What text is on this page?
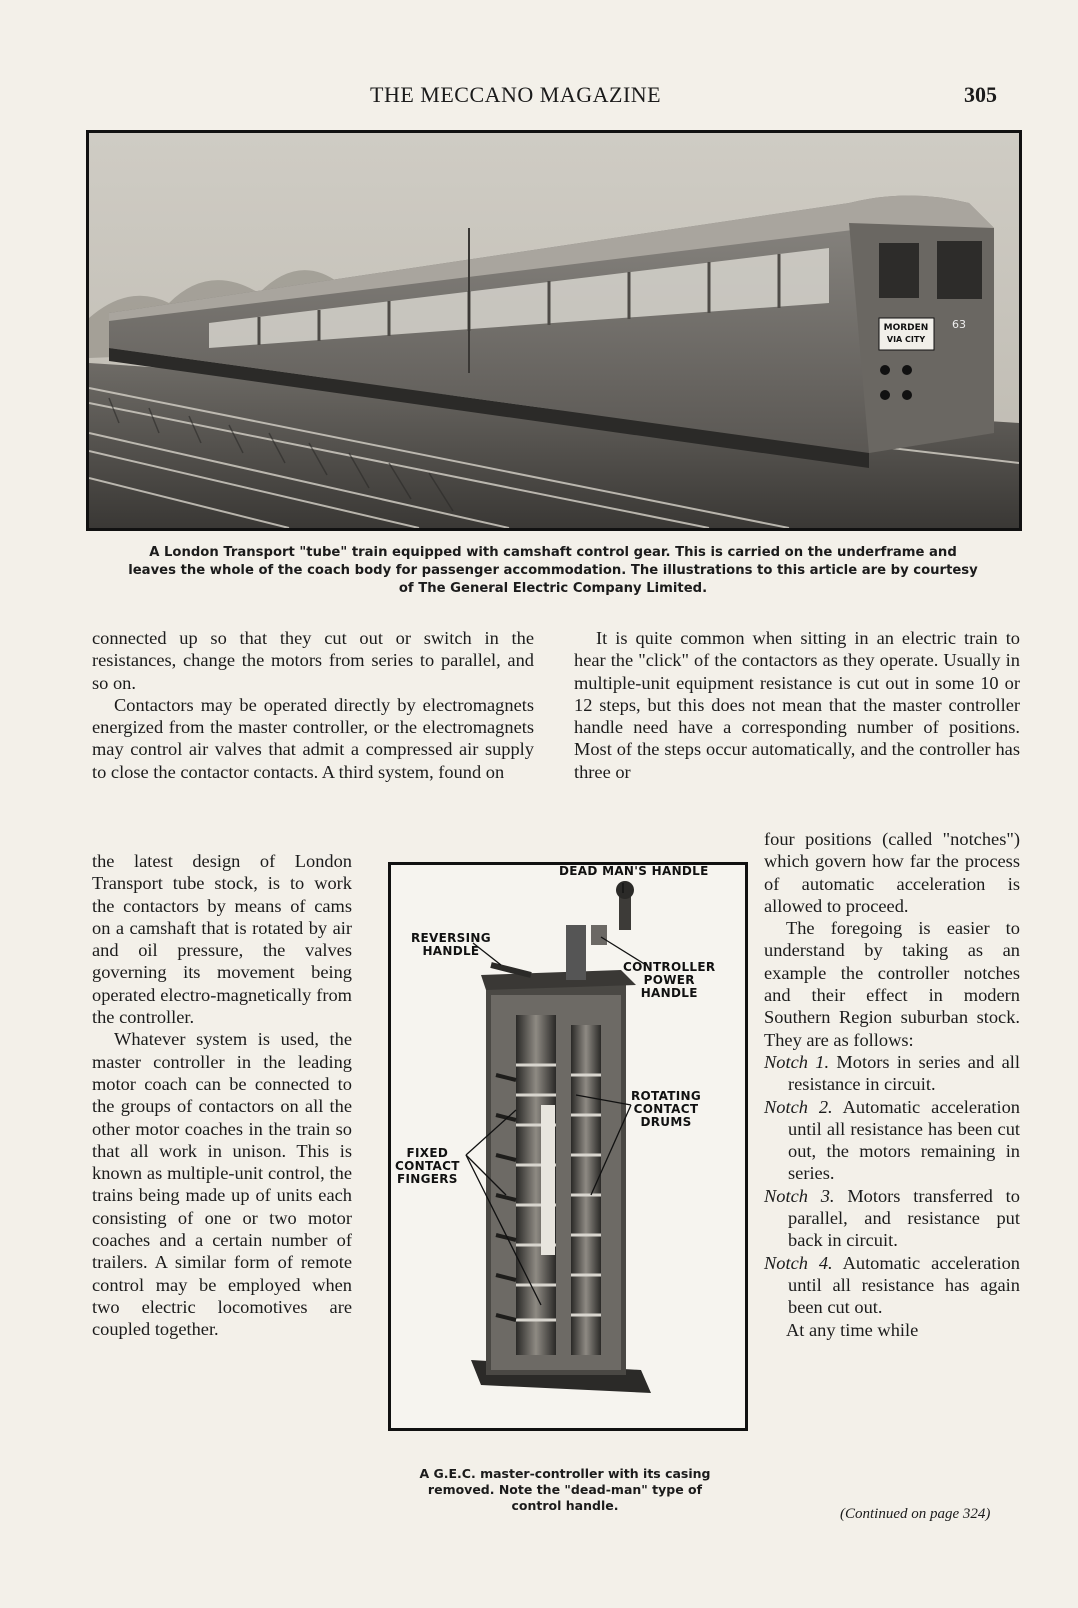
THE MECCANO MAGAZINE	305
MORDEN
VIA CITY
63
A London Transport "tube" train equipped with camshaft control gear. This is carried on the underframe and
leaves the whole of the coach body for passenger accommodation. The illustrations to this article are by courtesy
of The General Electric Company Limited.

connected up so that they cut out or switch in the resistances, change the motors from series to parallel, and so on.

Contactors may be operated directly by electromagnets energized from the master controller, or the electromagnets may control air valves that admit a compressed air supply to close the contactor contacts. A third system, found on

the latest design of London Transport tube stock, is to work the contactors by means of cams on a camshaft that is rotated by air and oil pressure, the valves governing its movement being operated electro-magnetically from the controller.

Whatever system is used, the master controller in the leading motor coach can be connected to the groups of contactors on all the other motor coaches in the train so that all work in unison. This is known as multiple-unit control, the trains being made up of units each consisting of one or two motor coaches and a certain number of trailers. A similar form of remote control may be employed when two electric locomotives are coupled together.

It is quite common when sitting in an electric train to hear the "click" of the contactors as they operate. Usually in multiple-unit equipment resistance is cut out in some 10 or 12 steps, but this does not mean that the master controller handle need have a corresponding number of positions. Most of the steps occur automatically, and the controller has three or

four positions (called "notches") which govern how far the process of automatic acceleration is allowed to proceed.

The foregoing is easier to understand by taking as an example the controller notches and their effect in modern Southern Region suburban stock. They are as follows:

Notch 1. Motors in series and all resistance in circuit.

Notch 2. Automatic acceleration until all resistance has been cut out, the motors remaining in series.

Notch 3. Motors transferred to parallel, and resistance put back in circuit.

Notch 4. Automatic acceleration until all resistance has again been cut out.

At any time while

(Continued on page 324)
DEAD MAN'S HANDLE
REVERSING
HANDLE
CONTROLLER
POWER
HANDLE
ROTATING
CONTACT
DRUMS
FIXED
CONTACT
FINGERS
A G.E.C. master-controller with its casing
removed. Note the "dead-man" type of
control handle.
